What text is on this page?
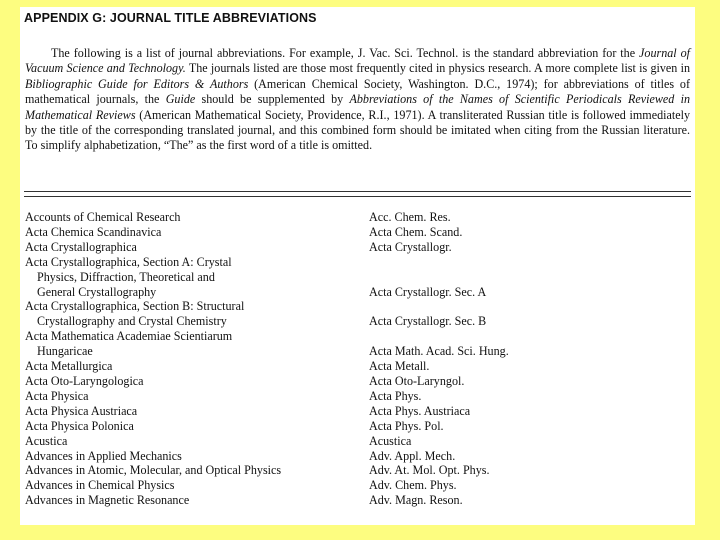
APPENDIX G: JOURNAL TITLE ABBREVIATIONS

The following is a list of journal abbreviations. For example, J. Vac. Sci. Technol. is the standard abbreviation for the Journal of Vacuum Science and Technology. The journals listed are those most frequently cited in physics research. A more complete list is given in Bibliographic Guide for Editors & Authors (American Chemical Society, Washington. D.C., 1974); for abbreviations of titles of mathematical journals, the Guide should be supplemented by Abbreviations of the Names of Scientific Periodicals Reviewed in Mathematical Reviews (American Mathematical Society, Providence, R.I., 1971). A transliterated Russian title is followed immediately by the title of the corresponding translated journal, and this combined form should be imitated when citing from the Russian literature. To simplify alphabetization, “The” as the first word of a title is omitted.

Accounts of Chemical Research	Acc. Chem. Res.
Acta Chemica Scandinavica	Acta Chem. Scand.
Acta Crystallographica	Acta Crystallogr.
Acta Crystallographica, Section A: Crystal
Physics, Diffraction, Theoretical and
General Crystallography	Acta Crystallogr. Sec. A
Acta Crystallographica, Section B: Structural
Crystallography and Crystal Chemistry	Acta Crystallogr. Sec. B
Acta Mathematica Academiae Scientiarum
Hungaricae	Acta Math. Acad. Sci. Hung.
Acta Metallurgica	Acta Metall.
Acta Oto-Laryngologica	Acta Oto-Laryngol.
Acta Physica	Acta Phys.
Acta Physica Austriaca	Acta Phys. Austriaca
Acta Physica Polonica	Acta Phys. Pol.
Acustica	Acustica
Advances in Applied Mechanics	Adv. Appl. Mech.
Advances in Atomic, Molecular, and Optical Physics	Adv. At. Mol. Opt. Phys.
Advances in Chemical Physics	Adv. Chem. Phys.
Advances in Magnetic Resonance	Adv. Magn. Reson.
